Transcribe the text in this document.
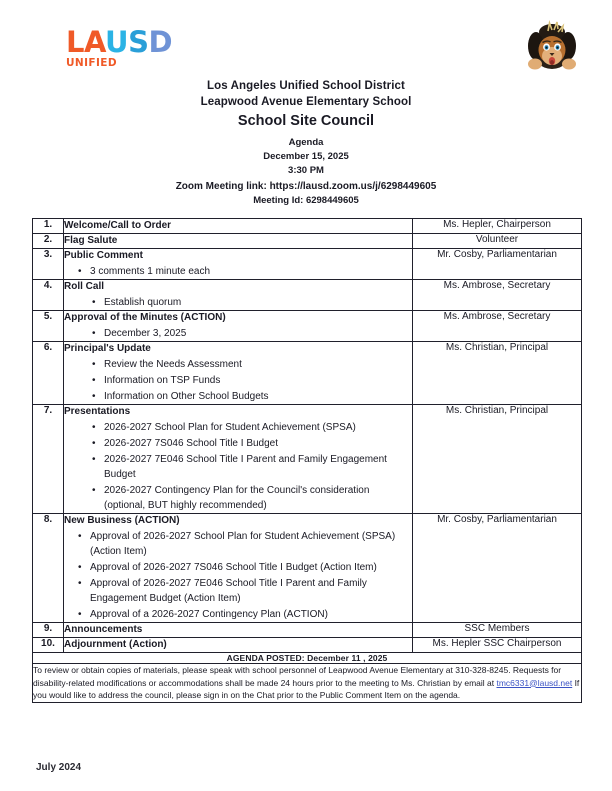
LAUSD
UNIFIED
Los Angeles Unified School District
Leapwood Avenue Elementary School
School Site Council
Agenda
December 15, 2025
3:30 PM
Zoom Meeting link: https://lausd.zoom.us/j/6298449605
Meeting Id: 6298449605
1.	Welcome/Call to Order	Ms. Hepler, Chairperson
2.	Flag Salute	Volunteer
3.	Public Comment
• 3 comments 1 minute each
	Mr. Cosby, Parliamentarian
4.	Roll Call
• Establish quorum
	Ms. Ambrose, Secretary
5.	Approval of the Minutes (ACTION)
• December 3, 2025
	Ms. Ambrose, Secretary
6.	Principal's Update
• Review the Needs Assessment
• Information on TSP Funds
• Information on Other School Budgets
	Ms. Christian, Principal
7.	Presentations
• 2026-2027 School Plan for Student Achievement (SPSA)
• 2026-2027 7S046 School Title I Budget
• 2026-2027 7E046 School Title I Parent and Family Engagement Budget
• 2026-2027 Contingency Plan for the Council's consideration (optional, BUT highly recommended)
	Ms. Christian, Principal
8.	New Business (ACTION)
• Approval of 2026-2027 School Plan for Student Achievement (SPSA) (Action Item)
• Approval of 2026-2027 7S046 School Title I Budget (Action Item)
• Approval of 2026-2027 7E046 School Title I Parent and Family Engagement Budget (Action Item)
• Approval of a 2026-2027 Contingency Plan (ACTION)
	Mr. Cosby, Parliamentarian
9.	Announcements	SSC Members
10.	Adjournment (Action)	Ms. Hepler SSC Chairperson
AGENDA POSTED: December 11 , 2025		
To review or obtain copies of materials, please speak with school personnel of Leapwood Avenue Elementary at 310-328-8245. Requests for disability-related modifications or accommodations shall be made 24 hours prior to the meeting to Ms. Christian by email at tmc6331@lausd.net If you would like to address the council, please sign in on the Chat prior to the Public Comment Item on the agenda.		
July 2024
